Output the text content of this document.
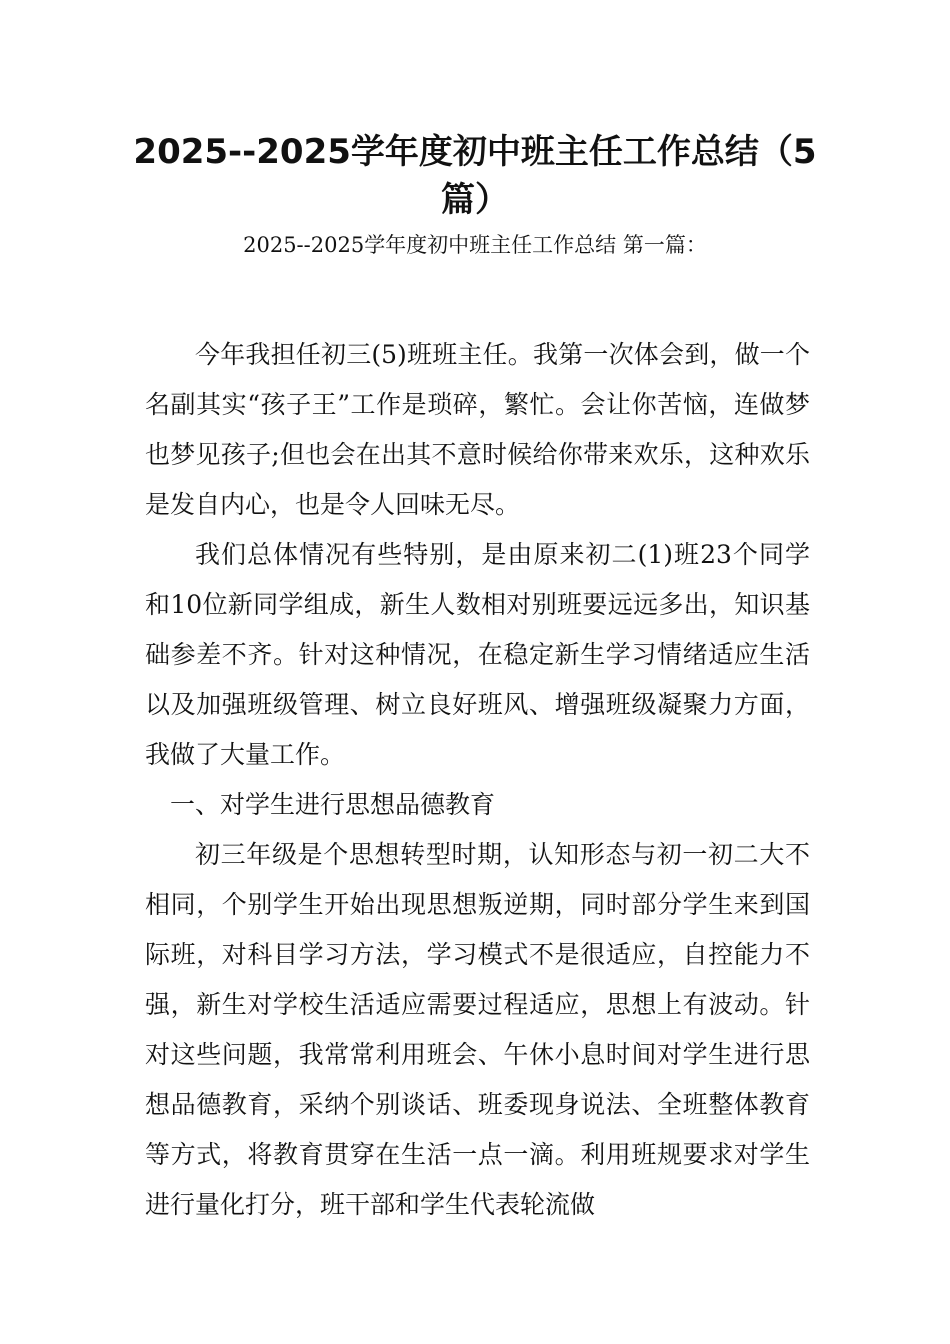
2025--2025学年度初中班主任工作总结（5篇）
2025--2025学年度初中班主任工作总结 第一篇：

今年我担任初三(5)班班主任。我第一次体会到，做一个名副其实“孩子王”工作是琐碎，繁忙。会让你苦恼，连做梦也梦见孩子;但也会在出其不意时候给你带来欢乐，这种欢乐是发自内心，也是令人回味无尽。

我们总体情况有些特别，是由原来初二(1)班23个同学和10位新同学组成，新生人数相对别班要远远多出，知识基础参差不齐。针对这种情况，在稳定新生学习情绪适应生活以及加强班级管理、树立良好班风、增强班级凝聚力方面，我做了大量工作。

一、对学生进行思想品德教育

初三年级是个思想转型时期，认知形态与初一初二大不相同，个别学生开始出现思想叛逆期，同时部分学生来到国际班，对科目学习方法，学习模式不是很适应，自控能力不强，新生对学校生活适应需要过程适应，思想上有波动。针对这些问题，我常常利用班会、午休小息时间对学生进行思想品德教育，采纳个别谈话、班委现身说法、全班整体教育等方式，将教育贯穿在生活一点一滴。利用班规要求对学生进行量化打分，班干部和学生代表轮流做
